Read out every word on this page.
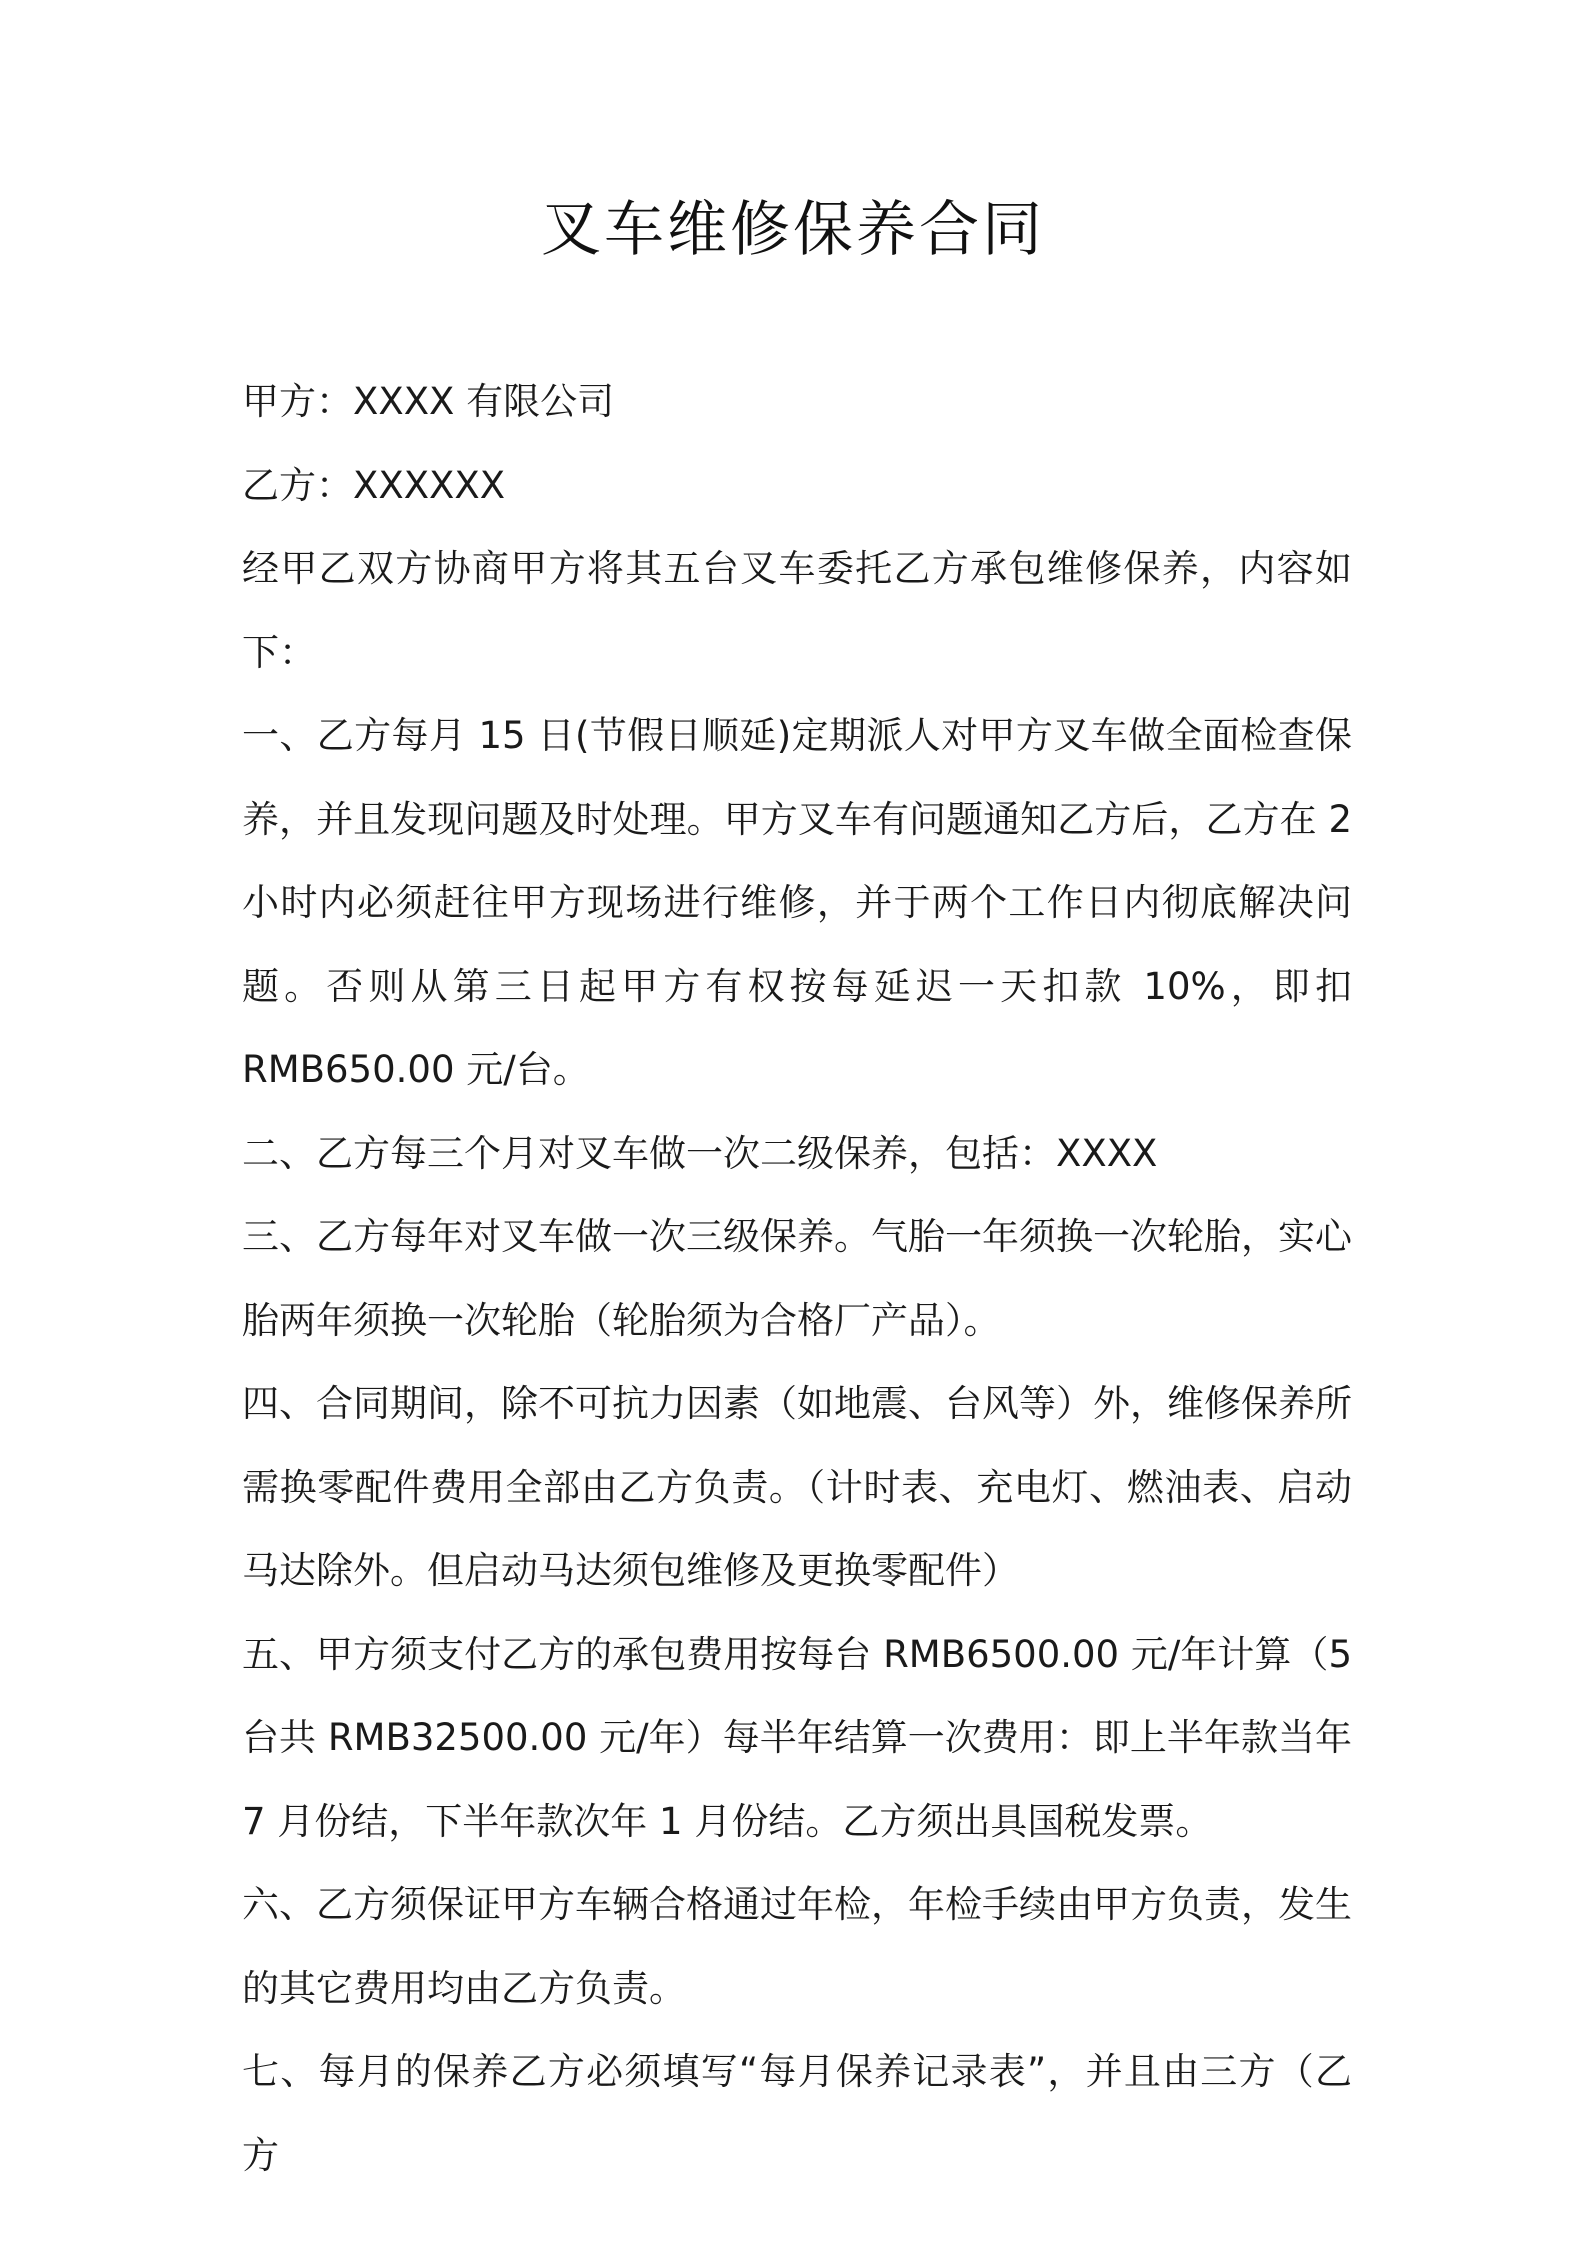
叉车维修保养合同

甲方：XXXX 有限公司

乙方：XXXXXX

经甲乙双方协商甲方将其五台叉车委托乙方承包维修保养，内容如下：

一、乙方每月 15 日(节假日顺延)定期派人对甲方叉车做全面检查保养，并且发现问题及时处理。甲方叉车有问题通知乙方后，乙方在 2 小时内必须赶往甲方现场进行维修，并于两个工作日内彻底解决问题。否则从第三日起甲方有权按每延迟一天扣款 10%，即扣 RMB650.00 元/台。

二、乙方每三个月对叉车做一次二级保养，包括：XXXX

三、乙方每年对叉车做一次三级保养。气胎一年须换一次轮胎，实心胎两年须换一次轮胎（轮胎须为合格厂产品）。

四、合同期间，除不可抗力因素（如地震、台风等）外，维修保养所需换零配件费用全部由乙方负责。（计时表、充电灯、燃油表、启动马达除外。但启动马达须包维修及更换零配件）

五、甲方须支付乙方的承包费用按每台 RMB6500.00 元/年计算（5 台共 RMB32500.00 元/年）每半年结算一次费用：即上半年款当年 7 月份结，下半年款次年 1 月份结。乙方须出具国税发票。

六、乙方须保证甲方车辆合格通过年检，年检手续由甲方负责，发生的其它费用均由乙方负责。

七、每月的保养乙方必须填写“每月保养记录表”，并且由三方（乙方
